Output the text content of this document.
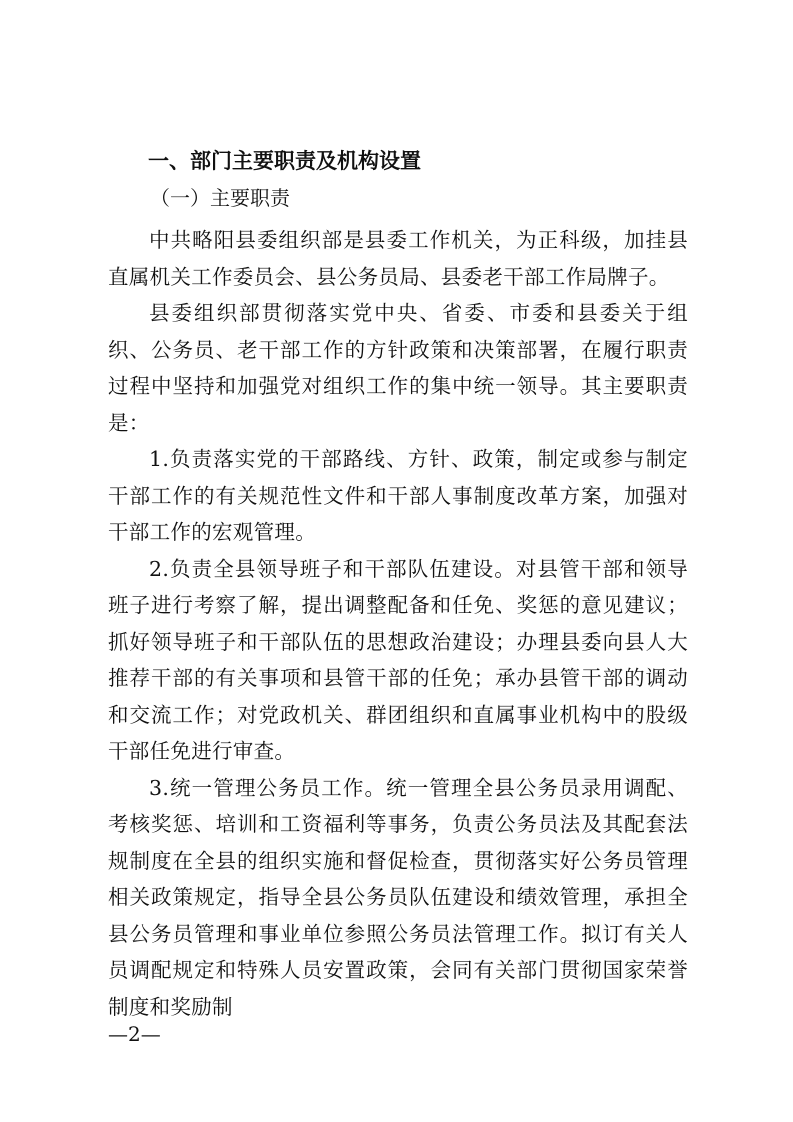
一、部门主要职责及机构设置
（一）主要职责

中共略阳县委组织部是县委工作机关，为正科级，加挂县直属机关工作委员会、县公务员局、县委老干部工作局牌子。

县委组织部贯彻落实党中央、省委、市委和县委关于组织、公务员、老干部工作的方针政策和决策部署，在履行职责过程中坚持和加强党对组织工作的集中统一领导。其主要职责是：

1.负责落实党的干部路线、方针、政策，制定或参与制定干部工作的有关规范性文件和干部人事制度改革方案，加强对干部工作的宏观管理。

2.负责全县领导班子和干部队伍建设。对县管干部和领导班子进行考察了解，提出调整配备和任免、奖惩的意见建议；抓好领导班子和干部队伍的思想政治建设；办理县委向县人大推荐干部的有关事项和县管干部的任免；承办县管干部的调动和交流工作；对党政机关、群团组织和直属事业机构中的股级干部任免进行审查。

3.统一管理公务员工作。统一管理全县公务员录用调配、考核奖惩、培训和工资福利等事务，负责公务员法及其配套法规制度在全县的组织实施和督促检查，贯彻落实好公务员管理相关政策规定，指导全县公务员队伍建设和绩效管理，承担全县公务员管理和事业单位参照公务员法管理工作。拟订有关人员调配规定和特殊人员安置政策，会同有关部门贯彻国家荣誉制度和奖励制

—2—
